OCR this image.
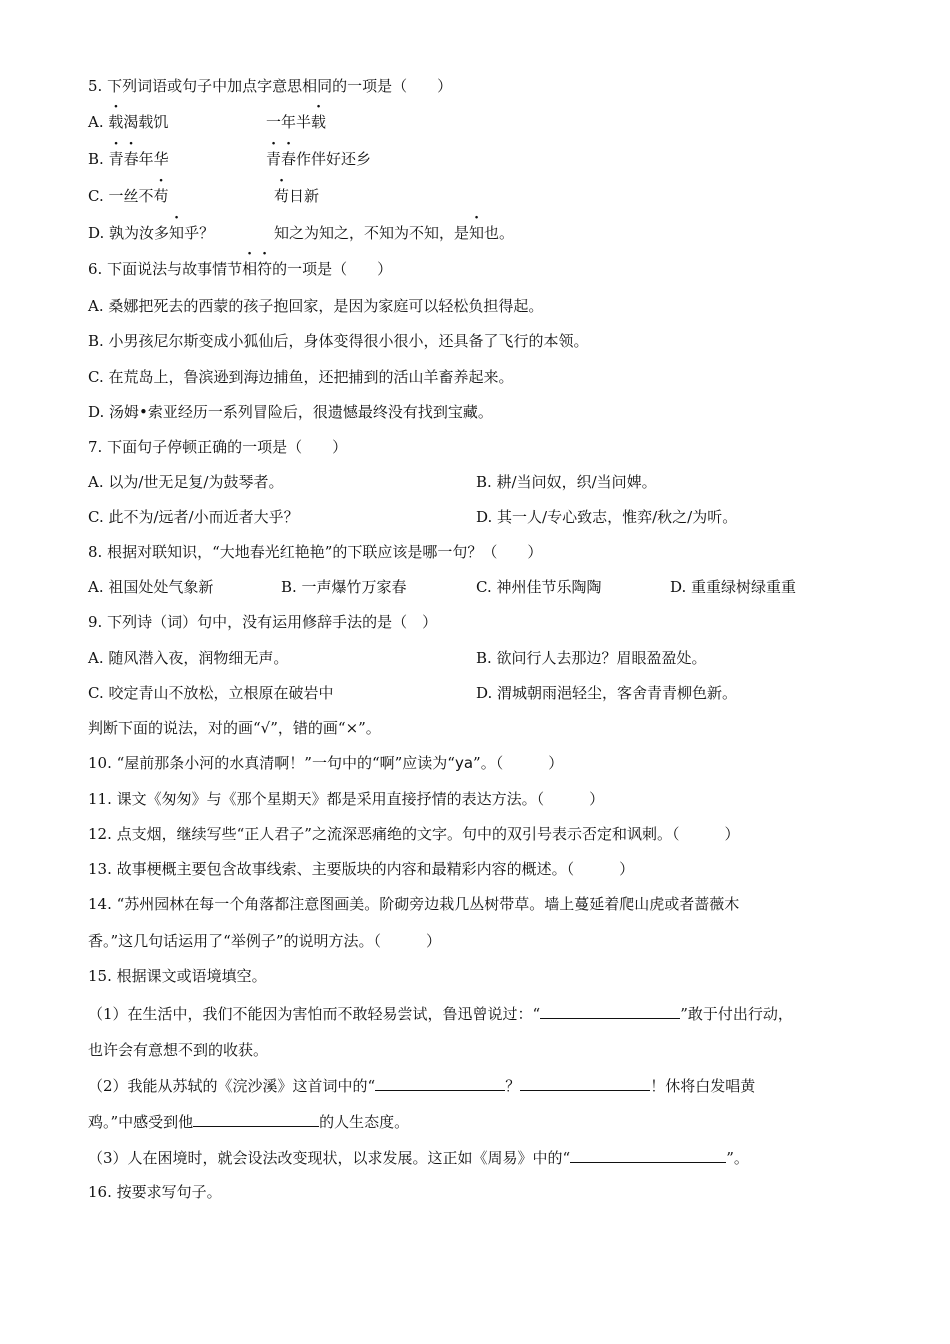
5. 下列词语或句子中加点字意思相同的一项是（　　）
A. 载渴载饥	一年半载
B. 青春年华	青春作伴好还乡
C. 一丝不苟	苟日新
D. 孰为汝多知乎？	知之为知之，不知为不知，是知也。
6. 下面说法与故事情节相符的一项是（　　）
A. 桑娜把死去的西蒙的孩子抱回家，是因为家庭可以轻松负担得起。
B. 小男孩尼尔斯变成小狐仙后，身体变得很小很小，还具备了飞行的本领。
C. 在荒岛上，鲁滨逊到海边捕鱼，还把捕到的活山羊畜养起来。
D. 汤姆•索亚经历一系列冒险后，很遗憾最终没有找到宝藏。
7. 下面句子停顿正确的一项是（　　）
A. 以为/世无足复/为鼓琴者。	B. 耕/当问奴，织/当问婢。
C. 此不为/远者/小而近者大乎？	D. 其一人/专心致志，惟弈/秋之/为听。
8. 根据对联知识，“大地春光红艳艳”的下联应该是哪一句？（　　）
A. 祖国处处气象新	B. 一声爆竹万家春	C. 神州佳节乐陶陶	D. 重重绿树绿重重
9. 下列诗（词）句中，没有运用修辞手法的是（　）
A. 随风潜入夜，润物细无声。	B. 欲问行人去那边？眉眼盈盈处。
C. 咬定青山不放松，立根原在破岩中	D. 渭城朝雨浥轻尘，客舍青青柳色新。
判断下面的说法，对的画“√”，错的画“×”。
10. “屋前那条小河的水真清啊！”一句中的“啊”应读为“ya”。（　　　）
11. 课文《匆匆》与《那个星期天》都是采用直接抒情的表达方法。（　　　）
12. 点支烟，继续写些“正人君子”之流深恶痛绝的文字。句中的双引号表示否定和讽刺。（　　　）
13. 故事梗概主要包含故事线索、主要版块的内容和最精彩内容的概述。（　　　）
14. “苏州园林在每一个角落都注意图画美。阶砌旁边栽几丛树带草。墙上蔓延着爬山虎或者蔷薇木
香。”这几句话运用了“举例子”的说明方法。（　　　）
15. 根据课文或语境填空。
（1）在生活中，我们不能因为害怕而不敢轻易尝试，鲁迅曾说过：“	”敢于付出行动，
也许会有意想不到的收获。
（2）我能从苏轼的《浣沙溪》这首词中的“	？	！休将白发唱黄
鸡。”中感受到他	的人生态度。
（3）人在困境时，就会设法改变现状，以求发展。这正如《周易》中的“	”。
16. 按要求写句子。
